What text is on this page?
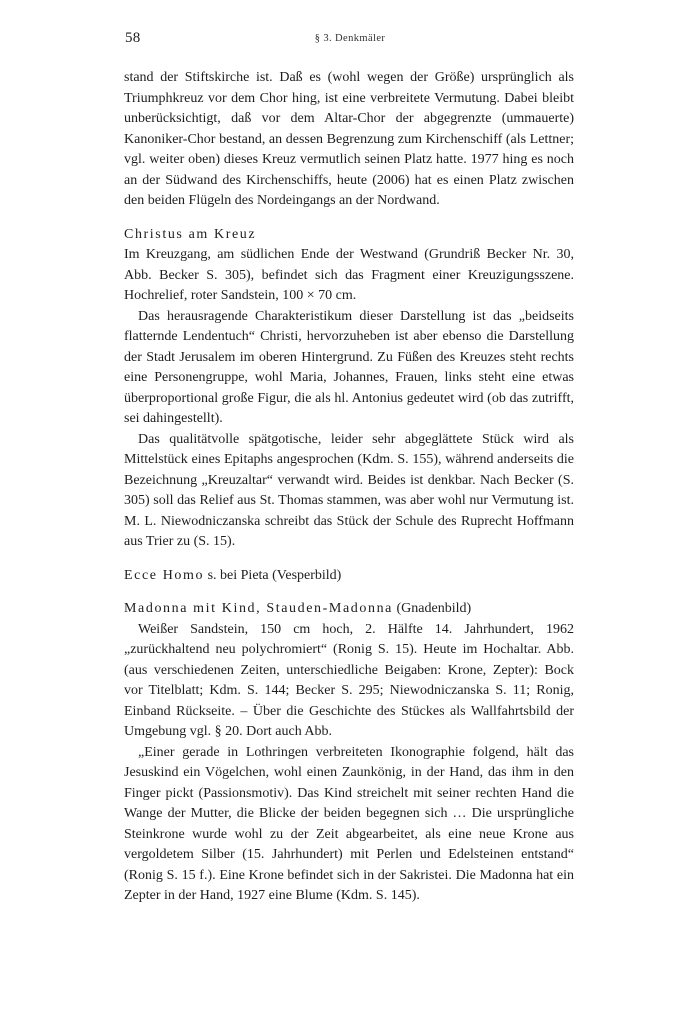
58	§ 3. Denkmäler

stand der Stiftskirche ist. Daß es (wohl wegen der Größe) ursprünglich als Triumphkreuz vor dem Chor hing, ist eine verbreitete Vermutung. Dabei bleibt unberücksichtigt, daß vor dem Altar-Chor der abgegrenzte (ummauerte) Kanoniker-Chor bestand, an dessen Begrenzung zum Kirchenschiff (als Lettner; vgl. weiter oben) dieses Kreuz vermutlich seinen Platz hatte. 1977 hing es noch an der Südwand des Kirchenschiffs, heute (2006) hat es einen Platz zwischen den beiden Flügeln des Nordeingangs an der Nordwand.

Christus am Kreuz

Im Kreuzgang, am südlichen Ende der Westwand (Grundriß Becker Nr. 30, Abb. Becker S. 305), befindet sich das Fragment einer Kreuzigungsszene. Hochrelief, roter Sandstein, 100 × 70 cm.

Das herausragende Charakteristikum dieser Darstellung ist das „beidseits flatternde Lendentuch“ Christi, hervorzuheben ist aber ebenso die Darstellung der Stadt Jerusalem im oberen Hintergrund. Zu Füßen des Kreuzes steht rechts eine Personengruppe, wohl Maria, Johannes, Frauen, links steht eine etwas überproportional große Figur, die als hl. Antonius gedeutet wird (ob das zutrifft, sei dahingestellt).

Das qualitätvolle spätgotische, leider sehr abgeglättete Stück wird als Mittelstück eines Epitaphs angesprochen (Kdm. S. 155), während anderseits die Bezeichnung „Kreuzaltar“ verwandt wird. Beides ist denkbar. Nach Becker (S. 305) soll das Relief aus St. Thomas stammen, was aber wohl nur Vermutung ist. M. L. Niewodniczanska schreibt das Stück der Schule des Ruprecht Hoffmann aus Trier zu (S. 15).

Ecce Homo s. bei Pieta (Vesperbild)

Madonna mit Kind, Stauden-Madonna (Gnadenbild)

Weißer Sandstein, 150 cm hoch, 2. Hälfte 14. Jahrhundert, 1962 „zurückhaltend neu polychromiert“ (Ronig S. 15). Heute im Hochaltar. Abb. (aus verschiedenen Zeiten, unterschiedliche Beigaben: Krone, Zepter): Bock vor Titelblatt; Kdm. S. 144; Becker S. 295; Niewodniczanska S. 11; Ronig, Einband Rückseite. – Über die Geschichte des Stückes als Wallfahrtsbild der Umgebung vgl. § 20. Dort auch Abb.

„Einer gerade in Lothringen verbreiteten Ikonographie folgend, hält das Jesuskind ein Vögelchen, wohl einen Zaunkönig, in der Hand, das ihm in den Finger pickt (Passionsmotiv). Das Kind streichelt mit seiner rechten Hand die Wange der Mutter, die Blicke der beiden begegnen sich … Die ursprüngliche Steinkrone wurde wohl zu der Zeit abgearbeitet, als eine neue Krone aus vergoldetem Silber (15. Jahrhundert) mit Perlen und Edelsteinen entstand“ (Ronig S. 15 f.). Eine Krone befindet sich in der Sakristei. Die Madonna hat ein Zepter in der Hand, 1927 eine Blume (Kdm. S. 145).
